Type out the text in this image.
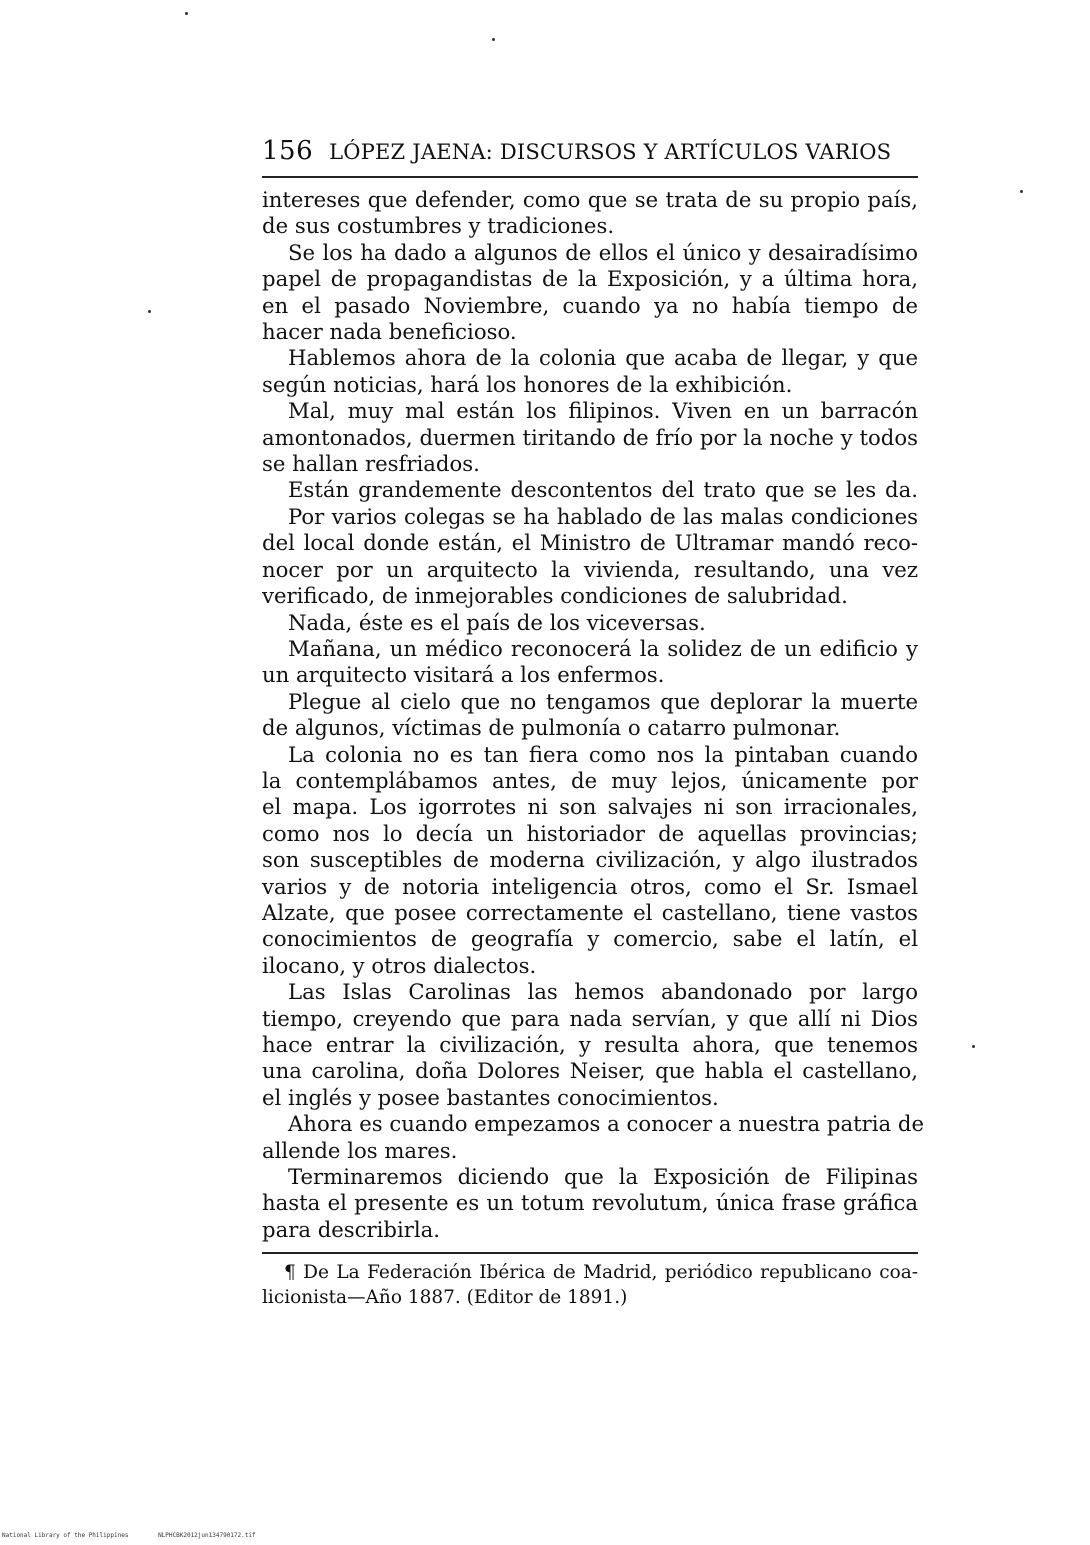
156 LÓPEZ JAENA: DISCURSOS Y ARTÍCULOS VARIOS
intereses que defender, como que se trata de su propio país,
de sus costumbres y tradiciones.
Se los ha dado a algunos de ellos el único y desairadísimo
papel de propagandistas de la Exposición, y a última hora,
en el pasado Noviembre, cuando ya no había tiempo de
hacer nada beneficioso.
Hablemos ahora de la colonia que acaba de llegar, y que
según noticias, hará los honores de la exhibición.
Mal, muy mal están los filipinos. Viven en un barracón
amontonados, duermen tiritando de frío por la noche y todos
se hallan resfriados.
Están grandemente descontentos del trato que se les da.
Por varios colegas se ha hablado de las malas condiciones
del local donde están, el Ministro de Ultramar mandó reco-
nocer por un arquitecto la vivienda, resultando, una vez
verificado, de inmejorables condiciones de salubridad.
Nada, éste es el país de los viceversas.
Mañana, un médico reconocerá la solidez de un edificio y
un arquitecto visitará a los enfermos.
Plegue al cielo que no tengamos que deplorar la muerte
de algunos, víctimas de pulmonía o catarro pulmonar.
La colonia no es tan fiera como nos la pintaban cuando
la contemplábamos antes, de muy lejos, únicamente por
el mapa. Los igorrotes ni son salvajes ni son irracionales,
como nos lo decía un historiador de aquellas provincias;
son susceptibles de moderna civilización, y algo ilustrados
varios y de notoria inteligencia otros, como el Sr. Ismael
Alzate, que posee correctamente el castellano, tiene vastos
conocimientos de geografía y comercio, sabe el latín, el
ilocano, y otros dialectos.
Las Islas Carolinas las hemos abandonado por largo
tiempo, creyendo que para nada servían, y que allí ni Dios
hace entrar la civilización, y resulta ahora, que tenemos
una carolina, doña Dolores Neiser, que habla el castellano,
el inglés y posee bastantes conocimientos.
Ahora es cuando empezamos a conocer a nuestra patria de
allende los mares.
Terminaremos diciendo que la Exposición de Filipinas
hasta el presente es un totum revolutum, única frase gráfica
para describirla.
¶ De La Federación Ibérica de Madrid, periódico republicano coa-
licionista—Año 1887. (Editor de 1891.)
National Library of the Philippines	NLPHCBK2012jun134790172.tif
